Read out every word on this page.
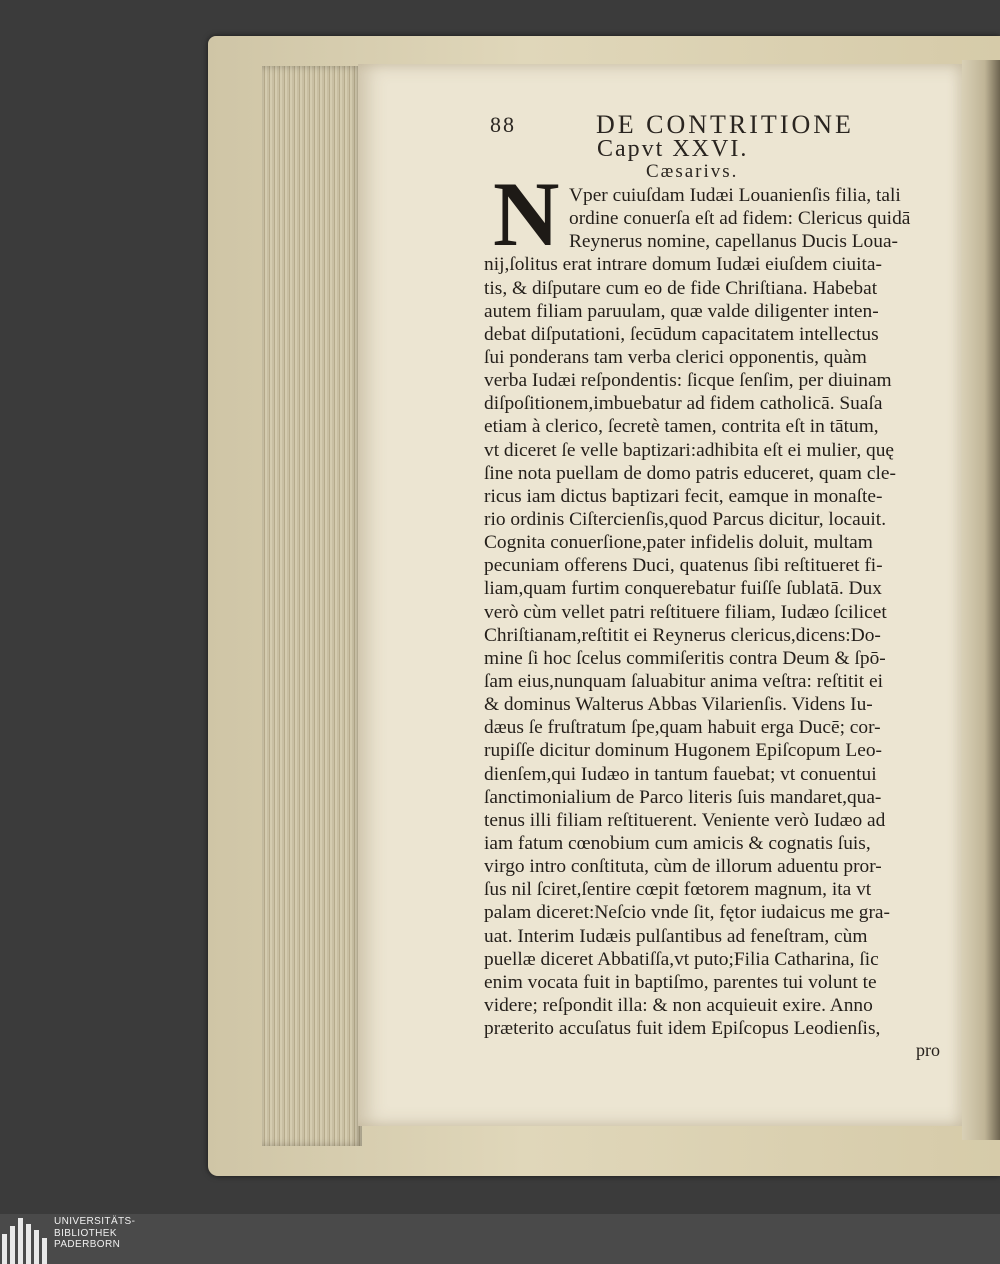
88	DE CONTRITIONE
Capvt XXVI.
Cæsarivs.
N Vper cuiuſdam Iudæi Louanienſis filia, tali
ordine conuerſa eſt ad fidem: Clericus quidā
Reynerus nomine, capellanus Ducis Loua-
nij,ſolitus erat intrare domum Iudæi eiuſdem ciuita-
tis, & diſputare cum eo de fide Chriſtiana. Habebat
autem filiam paruulam, quæ valde diligenter inten-
debat diſputationi, ſecūdum capacitatem intellectus
ſui ponderans tam verba clerici opponentis, quàm
verba Iudæi reſpondentis: ſicque ſenſim, per diuinam
diſpoſitionem,imbuebatur ad fidem catholicā. Suaſa
etiam à clerico, ſecretè tamen, contrita eſt in tātum,
vt diceret ſe velle baptizari:adhibita eſt ei mulier, quę
ſine nota puellam de domo patris educeret, quam cle-
ricus iam dictus baptizari fecit, eamque in monaſte-
rio ordinis Ciſtercienſis,quod Parcus dicitur, locauit.
Cognita conuerſione,pater infidelis doluit, multam
pecuniam offerens Duci, quatenus ſibi reſtitueret fi-
liam,quam furtim conquerebatur fuiſſe ſublatā. Dux
verò cùm vellet patri reſtituere filiam, Iudæo ſcilicet
Chriſtianam,reſtitit ei Reynerus clericus,dicens:Do-
mine ſi hoc ſcelus commiſeritis contra Deum & ſpō-
ſam eius,nunquam ſaluabitur anima veſtra: reſtitit ei
& dominus Walterus Abbas Vilarienſis. Videns Iu-
dæus ſe fruſtratum ſpe,quam habuit erga Ducē; cor-
rupiſſe dicitur dominum Hugonem Epiſcopum Leo-
dienſem,qui Iudæo in tantum fauebat; vt conuentui
ſanctimonialium de Parco literis ſuis mandaret,qua-
tenus illi filiam reſtituerent. Veniente verò Iudæo ad
iam fatum cœnobium cum amicis & cognatis ſuis,
virgo intro conſtituta, cùm de illorum aduentu pror-
ſus nil ſciret,ſentire cœpit fœtorem magnum, ita vt
palam diceret:Neſcio vnde ſit, fętor iudaicus me gra-
uat. Interim Iudæis pulſantibus ad feneſtram, cùm
puellæ diceret Abbatiſſa,vt puto;Filia Catharina, ſic
enim vocata fuit in baptiſmo, parentes tui volunt te
videre; reſpondit illa: & non acquieuit exire. Anno
præterito accuſatus fuit idem Epiſcopus Leodienſis,
pro
UNIVERSITÄTS-
BIBLIOTHEK
PADERBORN
